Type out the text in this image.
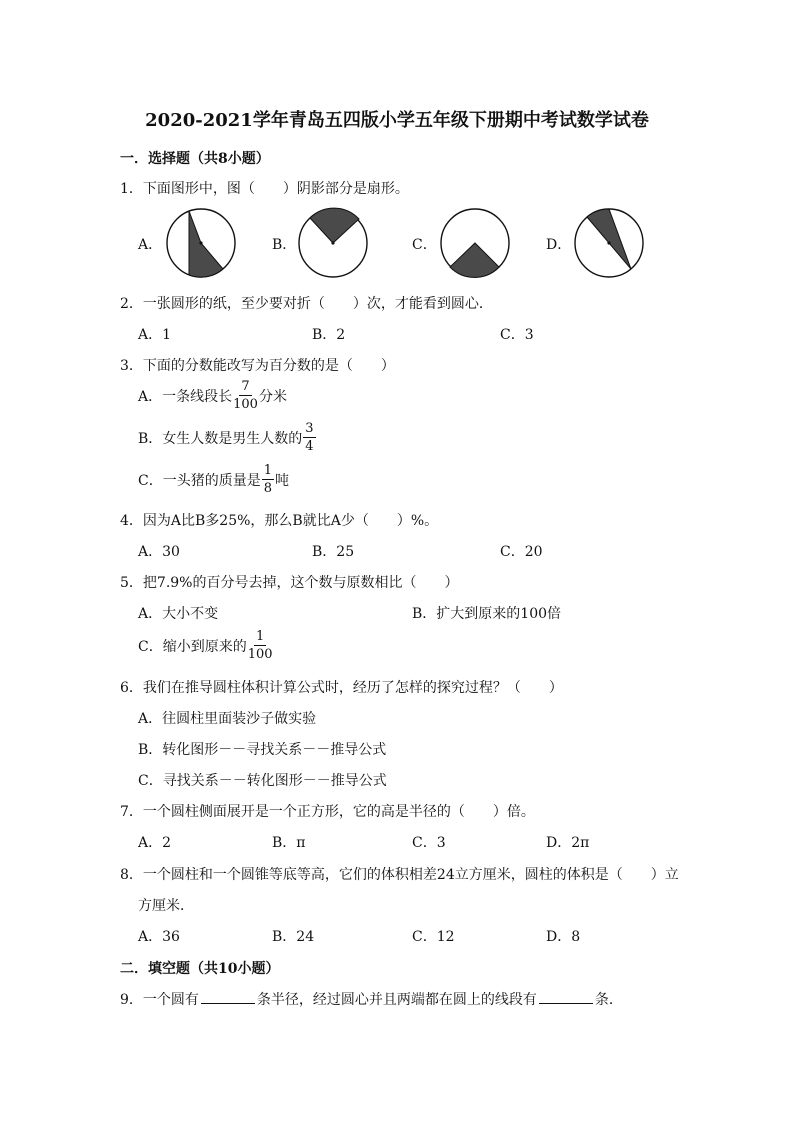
2020-2021学年青岛五四版小学五年级下册期中考试数学试卷
一．选择题（共8小题）
1．下面图形中，图（　　）阴影部分是扇形。
A．	B．	C．	D．
2．一张圆形的纸，至少要对折（　　）次，才能看到圆心．
A．1	B．2	C．3
3．下面的分数能改写为百分数的是（　　）
A．一条线段长 $\frac{7}{100}$ 分米
B．女生人数是男生人数的 $\frac{3}{4}$
C．一头猪的质量是 $\frac{1}{8}$ 吨
4．因为A比B多25%，那么B就比A少（　　）%。
A．30	B．25	C．20
5．把7.9%的百分号去掉，这个数与原数相比（　　）
A．大小不变	B．扩大到原来的100倍
C．缩小到原来的 $\frac{1}{100}$
6．我们在推导圆柱体积计算公式时，经历了怎样的探究过程？（　　）
A．往圆柱里面装沙子做实验
B．转化图形－－寻找关系－－推导公式
C．寻找关系－－转化图形－－推导公式
7．一个圆柱侧面展开是一个正方形，它的高是半径的（　　）倍。
A．2	B．π	C．3	D．2π
8．一个圆柱和一个圆锥等底等高，它们的体积相差24立方厘米，圆柱的体积是（　　）立
方厘米．
A．36	B．24	C．12	D．8
二．填空题（共10小题）
9．一个圆有	条半径，经过圆心并且两端都在圆上的线段有	条．
